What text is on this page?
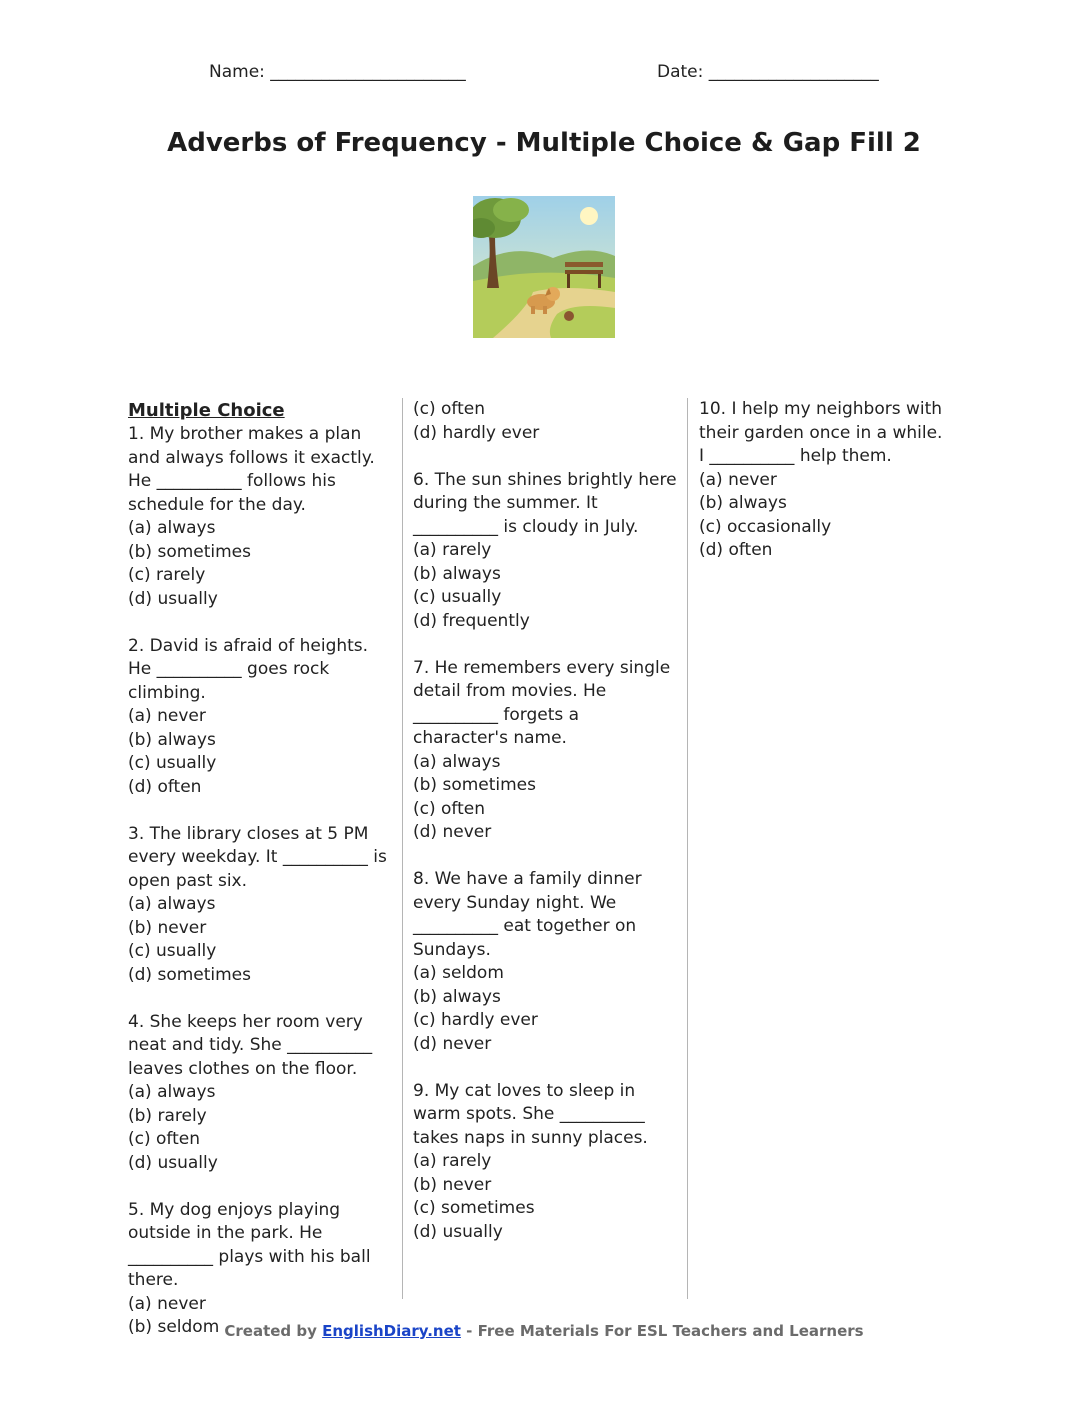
Name: _______________________	Date: ____________________
Adverbs of Frequency - Multiple Choice & Gap Fill 2
Multiple Choice
1. My brother makes a plan and always follows it exactly. He __________ follows his schedule for the day.
(a) always
(b) sometimes
(c) rarely
(d) usually
2. David is afraid of heights. He __________ goes rock climbing.
(a) never
(b) always
(c) usually
(d) often
3. The library closes at 5 PM every weekday. It __________ is open past six.
(a) always
(b) never
(c) usually
(d) sometimes
4. She keeps her room very neat and tidy. She __________ leaves clothes on the floor.
(a) always
(b) rarely
(c) often
(d) usually
5. My dog enjoys playing outside in the park. He __________ plays with his ball there.
(a) never
(b) seldom
(c) often
(d) hardly ever
6. The sun shines brightly here during the summer. It __________ is cloudy in July.
(a) rarely
(b) always
(c) usually
(d) frequently
7. He remembers every single detail from movies. He __________ forgets a character's name.
(a) always
(b) sometimes
(c) often
(d) never
8. We have a family dinner every Sunday night. We __________ eat together on Sundays.
(a) seldom
(b) always
(c) hardly ever
(d) never
9. My cat loves to sleep in warm spots. She __________ takes naps in sunny places.
(a) rarely
(b) never
(c) sometimes
(d) usually
10. I help my neighbors with their garden once in a while. I __________ help them.
(a) never
(b) always
(c) occasionally
(d) often
Created by EnglishDiary.net - Free Materials For ESL Teachers and Learners
